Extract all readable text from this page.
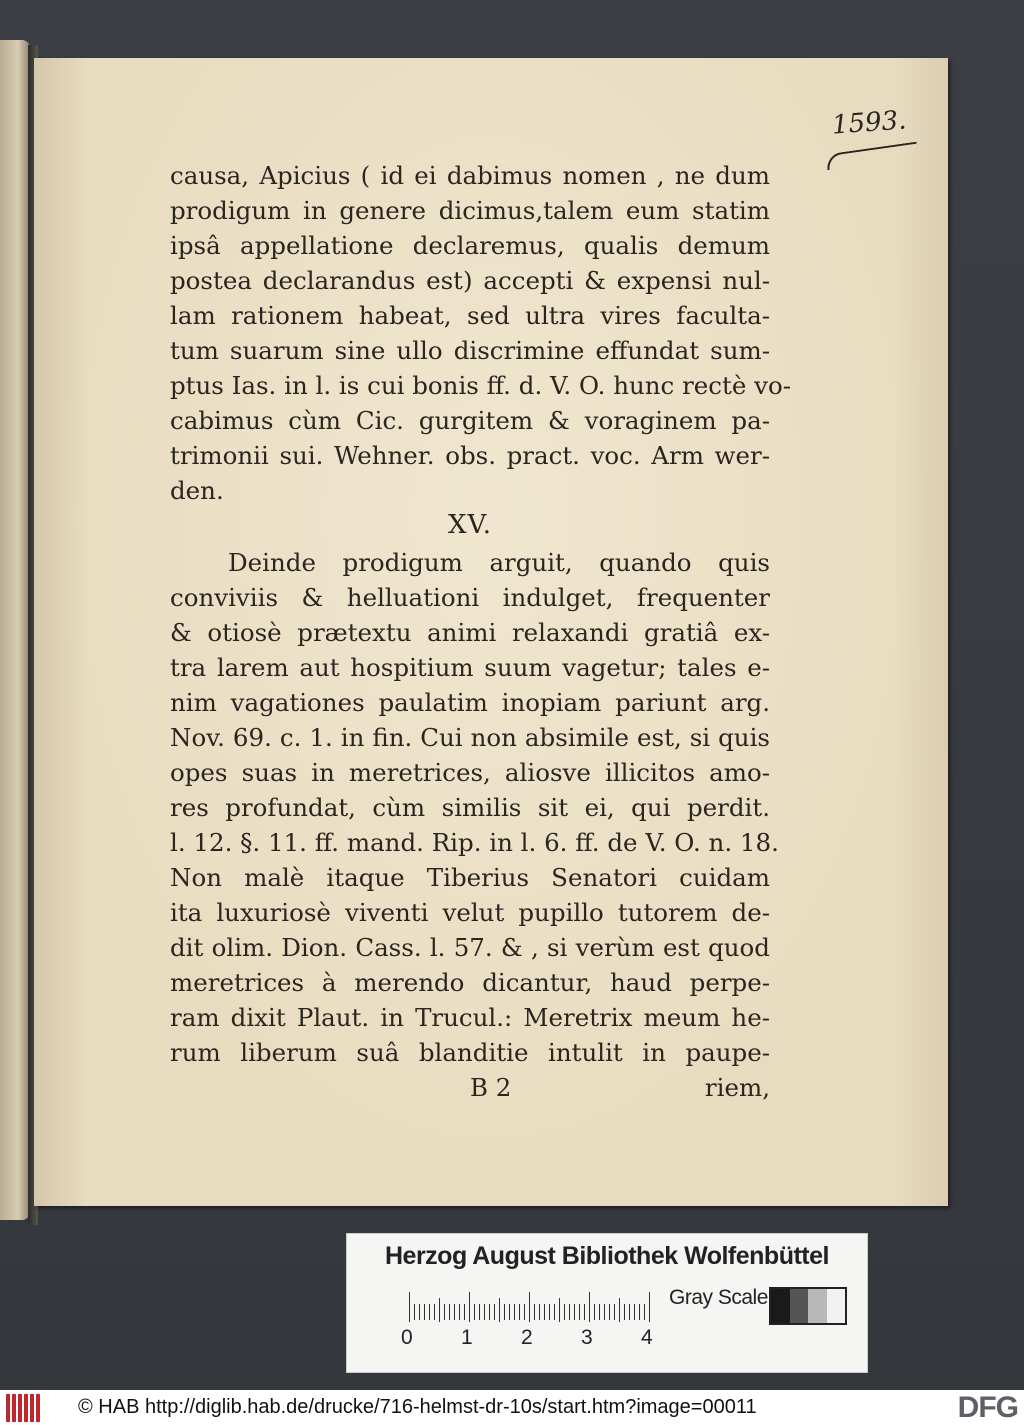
1593.
causa, Apicius ( id ei dabimus nomen , ne dum
prodigum in genere dicimus,talem eum statim
ipsâ appellatione declaremus, qualis demum
postea declarandus est) accepti & expensi nul-
lam rationem habeat, sed ultra vires faculta-
tum suarum sine ullo discrimine effundat sum-
ptus Ias. in l. is cui bonis ff. d. V. O. hunc rectè vo-
cabimus cùm Cic. gurgitem & voraginem pa-
trimonii sui. Wehner. obs. pract. voc. Arm wer-
den.
XV.
Deinde prodigum arguit, quando quis
conviviis & helluationi indulget, frequenter
& otiosè prætextu animi relaxandi gratiâ ex-
tra larem aut hospitium suum vagetur; tales e-
nim vagationes paulatim inopiam pariunt arg.
Nov. 69. c. 1. in fin. Cui non absimile est, si quis
opes suas in meretrices, aliosve illicitos amo-
res profundat, cùm similis sit ei, qui perdit.
l. 12. §. 11. ff. mand. Rip. in l. 6. ff. de V. O. n. 18.
Non malè itaque Tiberius Senatori cuidam
ita luxuriosè viventi velut pupillo tutorem de-
dit olim. Dion. Cass. l. 57. & , si verùm est quod
meretrices à merendo dicantur, haud perpe-
ram dixit Plaut. in Trucul.: Meretrix meum he-
rum liberum suâ blanditie intulit in paupe-
B 2	riem,
Herzog August Bibliothek Wolfenbüttel
0 1 2 3 4
Gray Scale
© HAB http://diglib.hab.de/drucke/716-helmst-dr-10s/start.htm?image=00011	DFG
